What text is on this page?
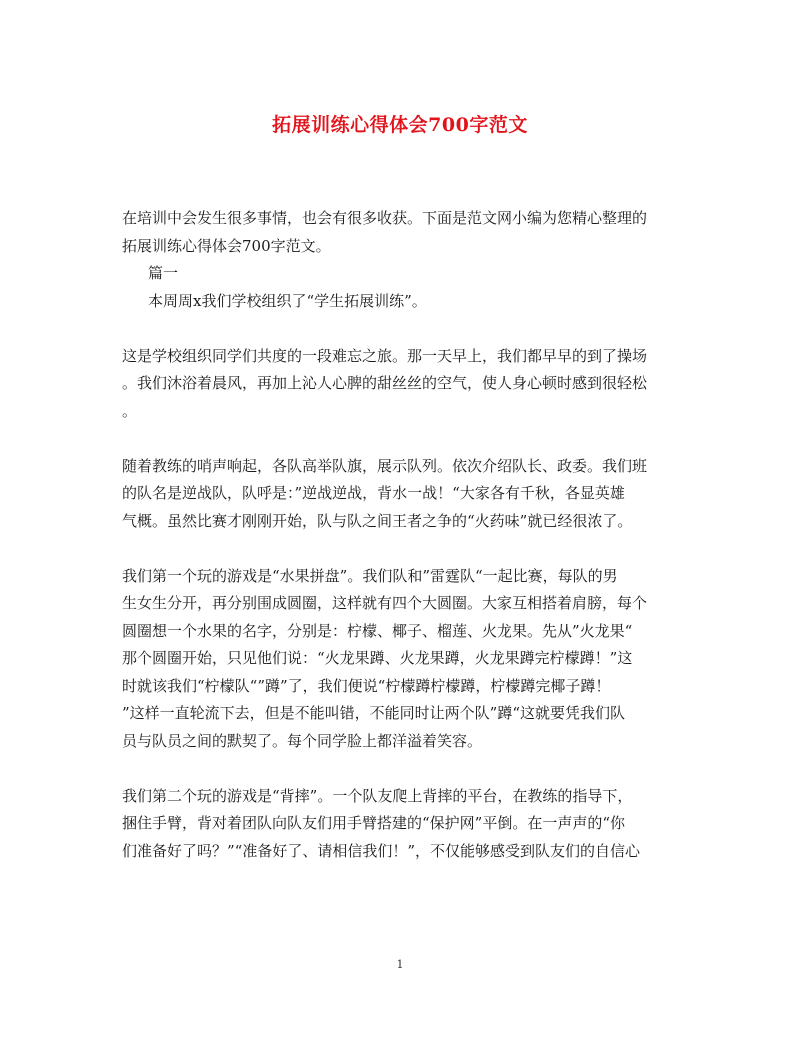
拓展训练心得体会700字范文
在培训中会发生很多事情，也会有很多收获。下面是范文网小编为您精心整理的
拓展训练心得体会700字范文。
篇一
本周周x我们学校组织了“学生拓展训练”。
这是学校组织同学们共度的一段难忘之旅。那一天早上，我们都早早的到了操场
。我们沐浴着晨风，再加上沁人心脾的甜丝丝的空气，使人身心顿时感到很轻松
。
随着教练的哨声响起，各队高举队旗，展示队列。依次介绍队长、政委。我们班
的队名是逆战队，队呼是：”逆战逆战，背水一战！“大家各有千秋，各显英雄
气概。虽然比赛才刚刚开始，队与队之间王者之争的“火药味”就已经很浓了。
我们第一个玩的游戏是“水果拼盘”。我们队和”雷霆队“一起比赛，每队的男
生女生分开，再分别围成圆圈，这样就有四个大圆圈。大家互相搭着肩膀，每个
圆圈想一个水果的名字，分别是：柠檬、椰子、榴莲、火龙果。先从”火龙果“
那个圆圈开始，只见他们说：“火龙果蹲、火龙果蹲，火龙果蹲完柠檬蹲！”这
时就该我们“柠檬队“”蹲”了，我们便说“柠檬蹲柠檬蹲，柠檬蹲完椰子蹲！
”这样一直轮流下去，但是不能叫错，不能同时让两个队”蹲“这就要凭我们队
员与队员之间的默契了。每个同学脸上都洋溢着笑容。
我们第二个玩的游戏是“背摔”。一个队友爬上背摔的平台，在教练的指导下，
捆住手臂，背对着团队向队友们用手臂搭建的“保护网”平倒。在一声声的“你
们准备好了吗？”“准备好了、请相信我们！”，不仅能够感受到队友们的自信心
1
